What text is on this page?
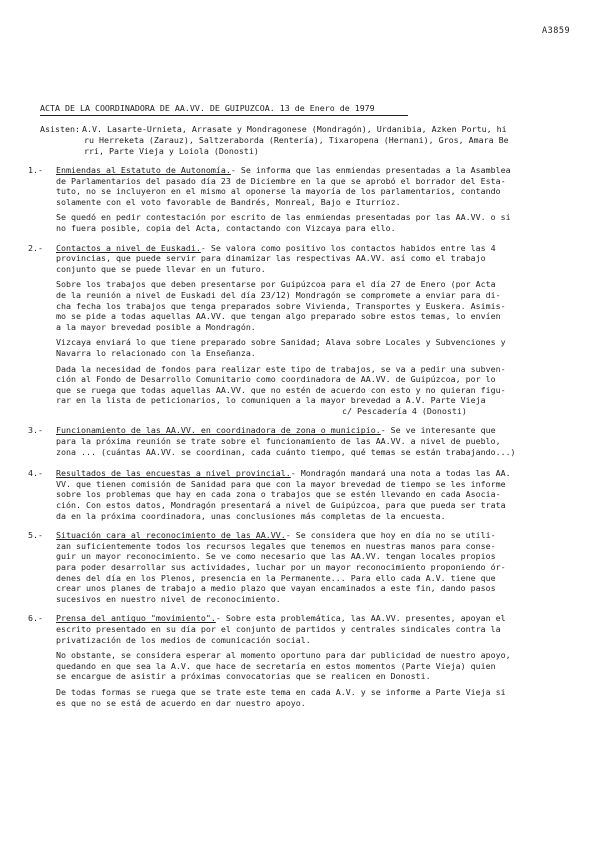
A3859
ACTA DE LA COORDINADORA DE AA.VV. DE GUIPUZCOA. 13 de Enero de 1979
Asisten: A.V. Lasarte-Urnieta, Arrasate y Mondragonese (Mondragón), Urdanibia, Azken Portu, hi
ru Herreketa (Zarauz), Saltzeraborda (Rentería), Tixaropena (Hernani), Gros, Amara Be
rri, Parte Vieja y Loiola (Donosti)
1.- Enmiendas al Estatuto de Autonomía.- Se informa que las enmiendas presentadas a la Asamblea
de Parlamentarios del pasado día 23 de Diciembre en la que se aprobó el borrador del Esta-
tuto, no se incluyeron en el mismo al oponerse la mayoría de los parlamentarios, contando
solamente con el voto favorable de Bandrés, Monreal, Bajo e Iturrioz.
Se quedó en pedir contestación por escrito de las enmiendas presentadas por las AA.VV. o si
no fuera posible, copia del Acta, contactando con Vizcaya para ello.
2.- Contactos a nivel de Euskadi.- Se valora como positivo los contactos habidos entre las 4
provincias, que puede servir para dinamizar las respectivas AA.VV. así como el trabajo
conjunto que se puede llevar en un futuro.
Sobre los trabajos que deben presentarse por Guipúzcoa para el día 27 de Enero (por Acta
de la reunión a nivel de Euskadi del día 23/12) Mondragón se compromete a enviar para di-
cha fecha los trabajos que tenga preparados sobre Vivienda, Transportes y Euskera. Asimis-
mo se pide a todas aquellas AA.VV. que tengan algo preparado sobre estos temas, lo envíen
a la mayor brevedad posible a Mondragón.
Vizcaya enviará lo que tiene preparado sobre Sanidad; Alava sobre Locales y Subvenciones y
Navarra lo relacionado con la Enseñanza.
Dada la necesidad de fondos para realizar este tipo de trabajos, se va a pedir una subven-
ción al Fondo de Desarrollo Comunitario como coordinadora de AA.VV. de Guipúzcoa, por lo
que se ruega que todas aquellas AA.VV. que no estén de acuerdo con esto y no quieran figu-
rar en la lista de peticionarios, lo comuniquen a la mayor brevedad a A.V. Parte Vieja
c/ Pescadería 4 (Donosti)
3.- Funcionamiento de las AA.VV. en coordinadora de zona o municipio.- Se ve interesante que
para la próxima reunión se trate sobre el funcionamiento de las AA.VV. a nivel de pueblo,
zona ... (cuántas AA.VV. se coordinan, cada cuánto tiempo, qué temas se están trabajando...)
4.- Resultados de las encuestas a nivel provincial.- Mondragón mandará una nota a todas las AA.
VV. que tienen comisión de Sanidad para que con la mayor brevedad de tiempo se les informe
sobre los problemas que hay en cada zona o trabajos que se estén llevando en cada Asocia-
ción. Con estos datos, Mondragón presentará a nivel de Guipúzcoa, para que pueda ser trata
da en la próxima coordinadora, unas conclusiones más completas de la encuesta.
5.- Situación cara al reconocimiento de las AA.VV.- Se considera que hoy en día no se utili-
zan suficientemente todos los recursos legales que tenemos en nuestras manos para conse-
guir un mayor reconocimiento. Se ve como necesario que las AA.VV. tengan locales propios
para poder desarrollar sus actividades, luchar por un mayor reconocimiento proponiendo ór-
denes del día en los Plenos, presencia en la Permanente... Para ello cada A.V. tiene que
crear unos planes de trabajo a medio plazo que vayan encaminados a este fin, dando pasos
sucesivos en nuestro nivel de reconocimiento.
6.- Prensa del antiguo "movimiento".- Sobre esta problemática, las AA.VV. presentes, apoyan el
escrito presentado en su día por el conjunto de partidos y centrales sindicales contra la
privatización de los medios de comunicación social.
No obstante, se considera esperar al momento oportuno para dar publicidad de nuestro apoyo,
quedando en que sea la A.V. que hace de secretaría en estos momentos (Parte Vieja) quien
se encargue de asistir a próximas convocatorias que se realicen en Donosti.
De todas formas se ruega que se trate este tema en cada A.V. y se informe a Parte Vieja si
es que no se está de acuerdo en dar nuestro apoyo.
